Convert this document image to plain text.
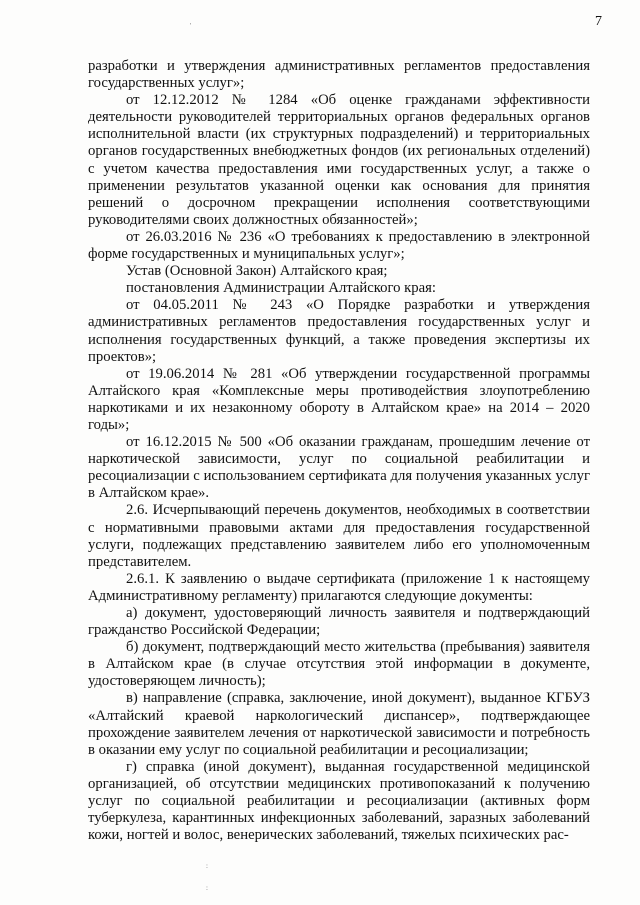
7
'
:
:

разработки и утверждения административных регламентов предоставления государственных услуг»;

от 12.12.2012 № 1284 «Об оценке гражданами эффективности деятельности руководителей территориальных органов федеральных органов исполнительной власти (их структурных подразделений) и территориальных органов государственных внебюджетных фондов (их региональных отделений) с учетом качества предоставления ими государственных услуг, а также о применении результатов указанной оценки как основания для принятия решений о досрочном прекращении исполнения соответствующими руководителями своих должностных обязанностей»;

от 26.03.2016 № 236 «О требованиях к предоставлению в электронной форме государственных и муниципальных услуг»;

Устав (Основной Закон) Алтайского края;

постановления Администрации Алтайского края:

от 04.05.2011 № 243 «О Порядке разработки и утверждения административных регламентов предоставления государственных услуг и исполнения государственных функций, а также проведения экспертизы их проектов»;

от 19.06.2014 № 281 «Об утверждении государственной программы Алтайского края «Комплексные меры противодействия злоупотреблению наркотиками и их незаконному обороту в Алтайском крае» на 2014 – 2020 годы»;

от 16.12.2015 № 500 «Об оказании гражданам, прошедшим лечение от наркотической зависимости, услуг по социальной реабилитации и ресоциализации с использованием сертификата для получения указанных услуг в Алтайском крае».

2.6. Исчерпывающий перечень документов, необходимых в соответствии с нормативными правовыми актами для предоставления государственной услуги, подлежащих представлению заявителем либо его уполномоченным представителем.

2.6.1. К заявлению о выдаче сертификата (приложение 1 к настоящему Административному регламенту) прилагаются следующие документы:

а) документ, удостоверяющий личность заявителя и подтверждающий гражданство Российской Федерации;

б) документ, подтверждающий место жительства (пребывания) заявителя в Алтайском крае (в случае отсутствия этой информации в документе, удостоверяющем личность);

в) направление (справка, заключение, иной документ), выданное КГБУЗ «Алтайский краевой наркологический диспансер», подтверждающее прохождение заявителем лечения от наркотической зависимости и потребность в оказании ему услуг по социальной реабилитации и ресоциализации;

г) справка (иной документ), выданная государственной медицинской организацией, об отсутствии медицинских противопоказаний к получению услуг по социальной реабилитации и ресоциализации (активных форм туберкулеза, карантинных инфекционных заболеваний, заразных заболеваний кожи, ногтей и волос, венерических заболеваний, тяжелых психических рас-
